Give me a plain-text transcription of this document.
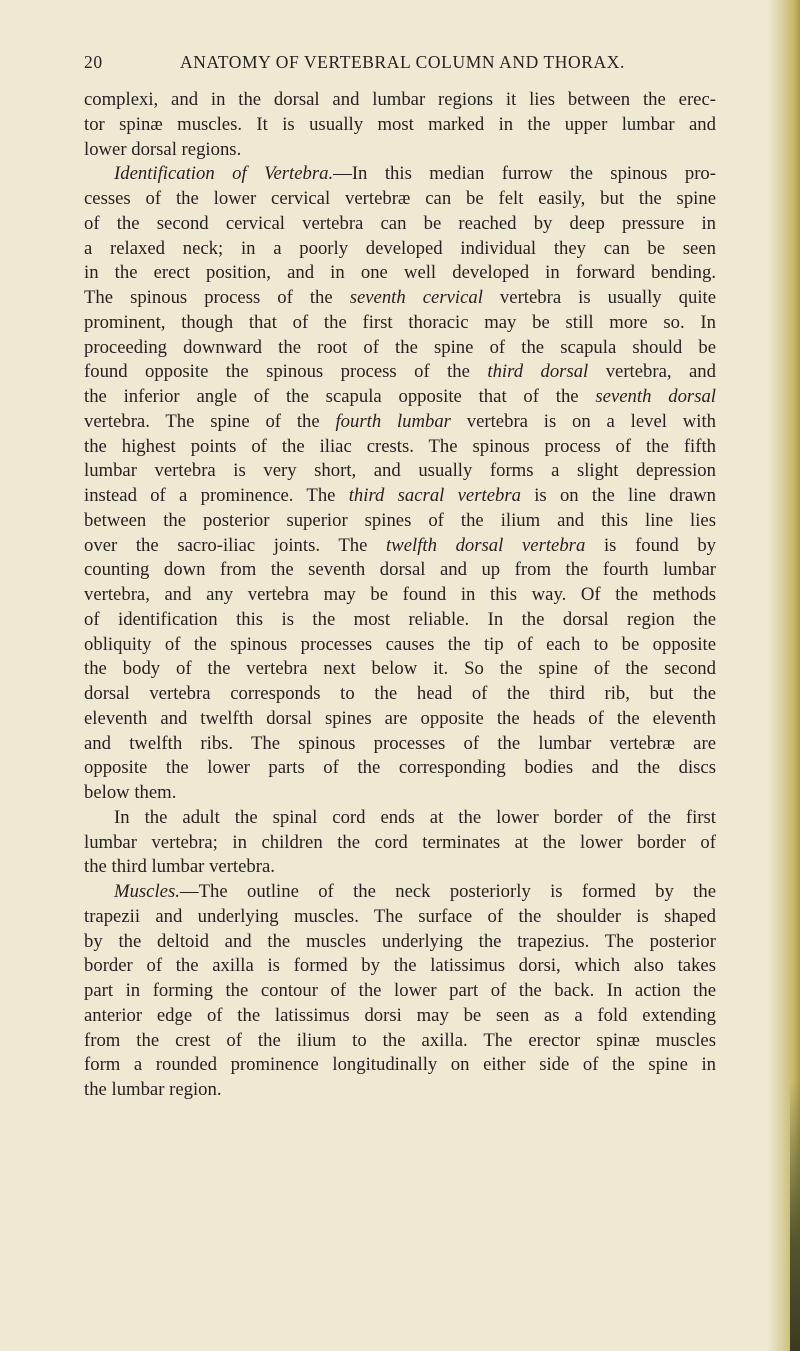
20	ANATOMY OF VERTEBRAL COLUMN AND THORAX.
complexi, and in the dorsal and lumbar regions it lies between the erec-
tor spinæ muscles. It is usually most marked in the upper lumbar and
lower dorsal regions.
Identification of Vertebra.—In this median furrow the spinous pro-
cesses of the lower cervical vertebræ can be felt easily, but the spine
of the second cervical vertebra can be reached by deep pressure in
a relaxed neck; in a poorly developed individual they can be seen
in the erect position, and in one well developed in forward bending.
The spinous process of the seventh cervical vertebra is usually quite
prominent, though that of the first thoracic may be still more so. In
proceeding downward the root of the spine of the scapula should be
found opposite the spinous process of the third dorsal vertebra, and
the inferior angle of the scapula opposite that of the seventh dorsal
vertebra. The spine of the fourth lumbar vertebra is on a level with
the highest points of the iliac crests. The spinous process of the fifth
lumbar vertebra is very short, and usually forms a slight depression
instead of a prominence. The third sacral vertebra is on the line drawn
between the posterior superior spines of the ilium and this line lies
over the sacro-iliac joints. The twelfth dorsal vertebra is found by
counting down from the seventh dorsal and up from the fourth lumbar
vertebra, and any vertebra may be found in this way. Of the methods
of identification this is the most reliable. In the dorsal region the
obliquity of the spinous processes causes the tip of each to be opposite
the body of the vertebra next below it. So the spine of the second
dorsal vertebra corresponds to the head of the third rib, but the
eleventh and twelfth dorsal spines are opposite the heads of the eleventh
and twelfth ribs. The spinous processes of the lumbar vertebræ are
opposite the lower parts of the corresponding bodies and the discs
below them.
In the adult the spinal cord ends at the lower border of the first
lumbar vertebra; in children the cord terminates at the lower border of
the third lumbar vertebra.
Muscles.—The outline of the neck posteriorly is formed by the
trapezii and underlying muscles. The surface of the shoulder is shaped
by the deltoid and the muscles underlying the trapezius. The posterior
border of the axilla is formed by the latissimus dorsi, which also takes
part in forming the contour of the lower part of the back. In action the
anterior edge of the latissimus dorsi may be seen as a fold extending
from the crest of the ilium to the axilla. The erector spinæ muscles
form a rounded prominence longitudinally on either side of the spine in
the lumbar region.
